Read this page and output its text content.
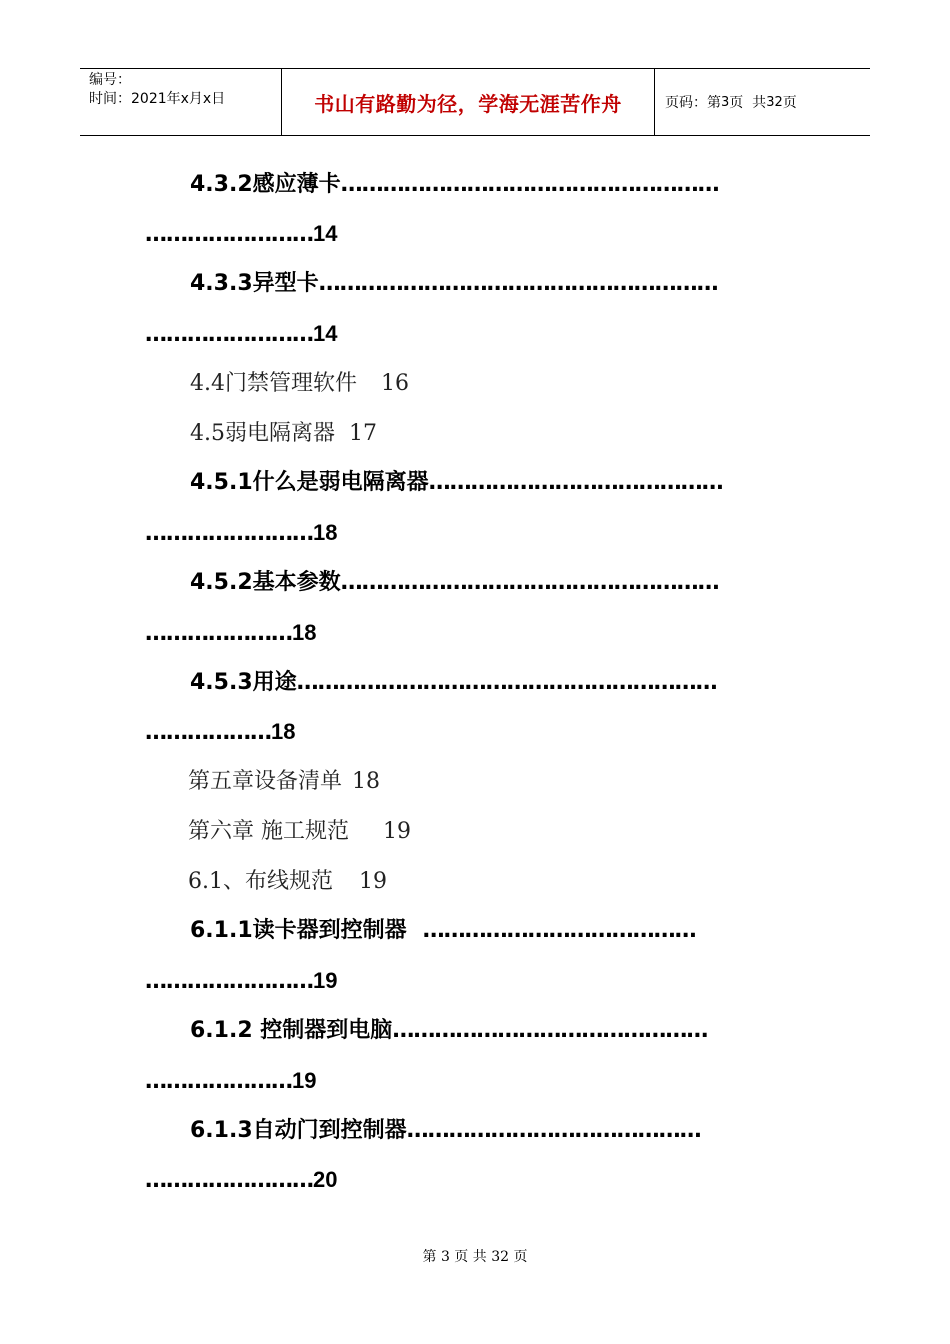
编号：
时间：2021年x月x日	书山有路勤为径，学海无涯苦作舟	页码：第 3 页  共 32 页
4.3.2感应薄卡………………………………………………
……………………14
4.3.3异型卡…………………………………………………
……………………14
4.4门禁管理软件 16
4.5弱电隔离器 17
4.5.1什么是弱电隔离器……………………………………
……………………18
4.5.2基本参数………………………………………………
…………………18
4.5.3用途……………………………………………………
………………18
第五章设备清单 18
第六章 施工规范 19
6.1、布线规范 19
6.1.1读卡器到控制器 …………………………………
……………………19
6.1.2 控制器到电脑………………………………………
…………………19
6.1.3自动门到控制器……………………………………
……………………20
第 3 页 共 32 页
